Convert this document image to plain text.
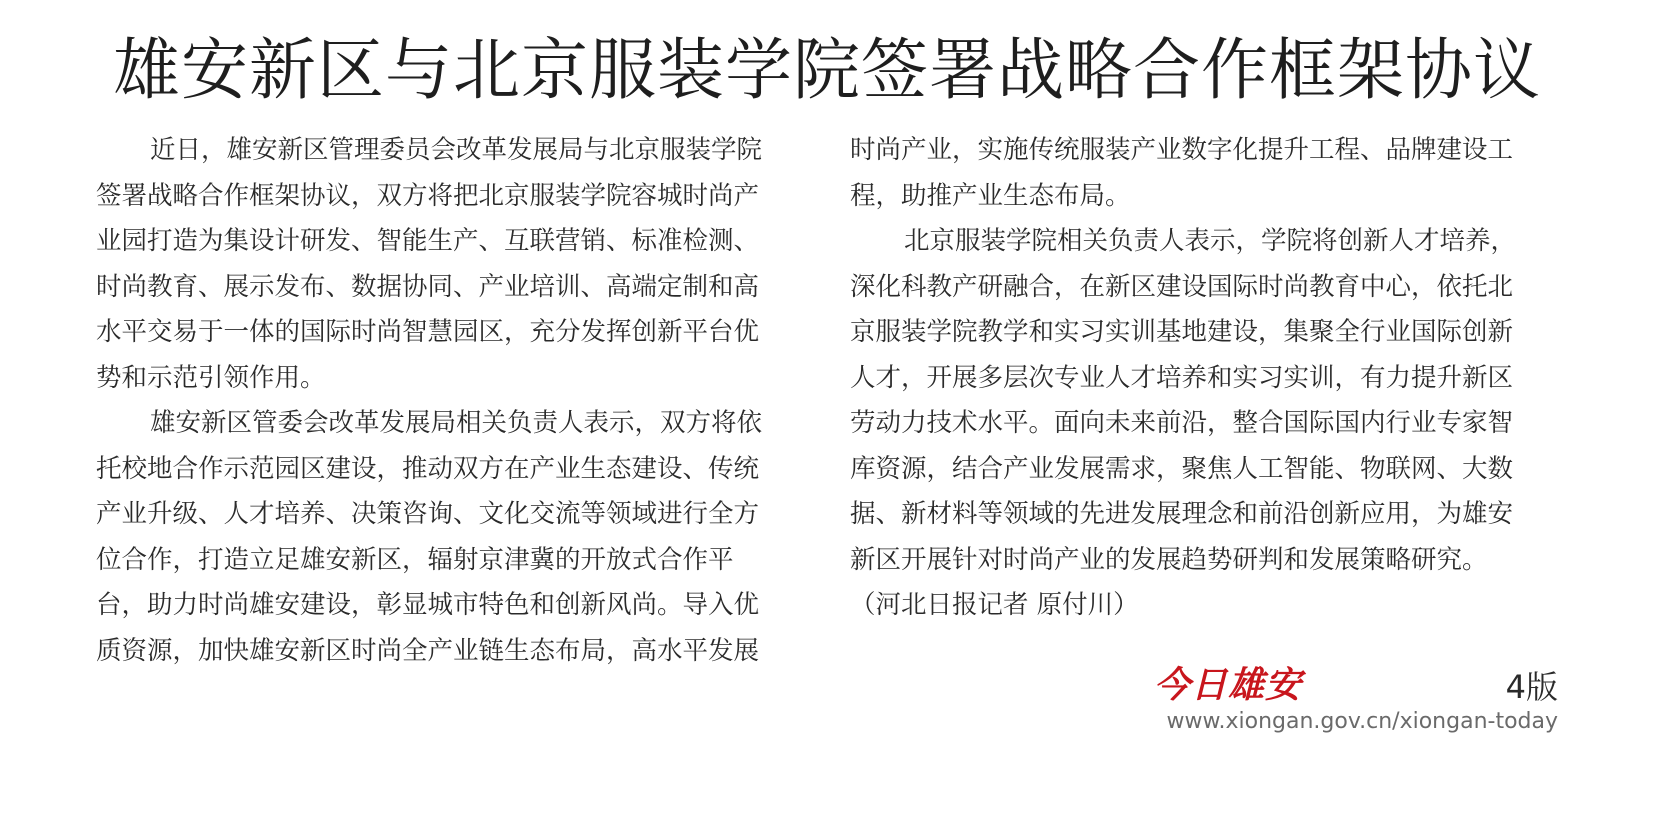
雄安新区与北京服装学院签署战略合作框架协议
近日，雄安新区管理委员会改革发展局与北京服装学院
签署战略合作框架协议，双方将把北京服装学院容城时尚产
业园打造为集设计研发、智能生产、互联营销、标准检测、
时尚教育、展示发布、数据协同、产业培训、高端定制和高
水平交易于一体的国际时尚智慧园区，充分发挥创新平台优
势和示范引领作用。
雄安新区管委会改革发展局相关负责人表示，双方将依
托校地合作示范园区建设，推动双方在产业生态建设、传统
产业升级、人才培养、决策咨询、文化交流等领域进行全方
位合作，打造立足雄安新区，辐射京津冀的开放式合作平
台，助力时尚雄安建设，彰显城市特色和创新风尚。导入优
质资源，加快雄安新区时尚全产业链生态布局，高水平发展
时尚产业，实施传统服装产业数字化提升工程、品牌建设工
程，助推产业生态布局。
北京服装学院相关负责人表示，学院将创新人才培养，
深化科教产研融合，在新区建设国际时尚教育中心，依托北
京服装学院教学和实习实训基地建设，集聚全行业国际创新
人才，开展多层次专业人才培养和实习实训，有力提升新区
劳动力技术水平。面向未来前沿，整合国际国内行业专家智
库资源，结合产业发展需求，聚焦人工智能、物联网、大数
据、新材料等领域的先进发展理念和前沿创新应用，为雄安
新区开展针对时尚产业的发展趋势研判和发展策略研究。
（河北日报记者 原付川）
今日雄安	4版
www.xiongan.gov.cn/xiongan-today
